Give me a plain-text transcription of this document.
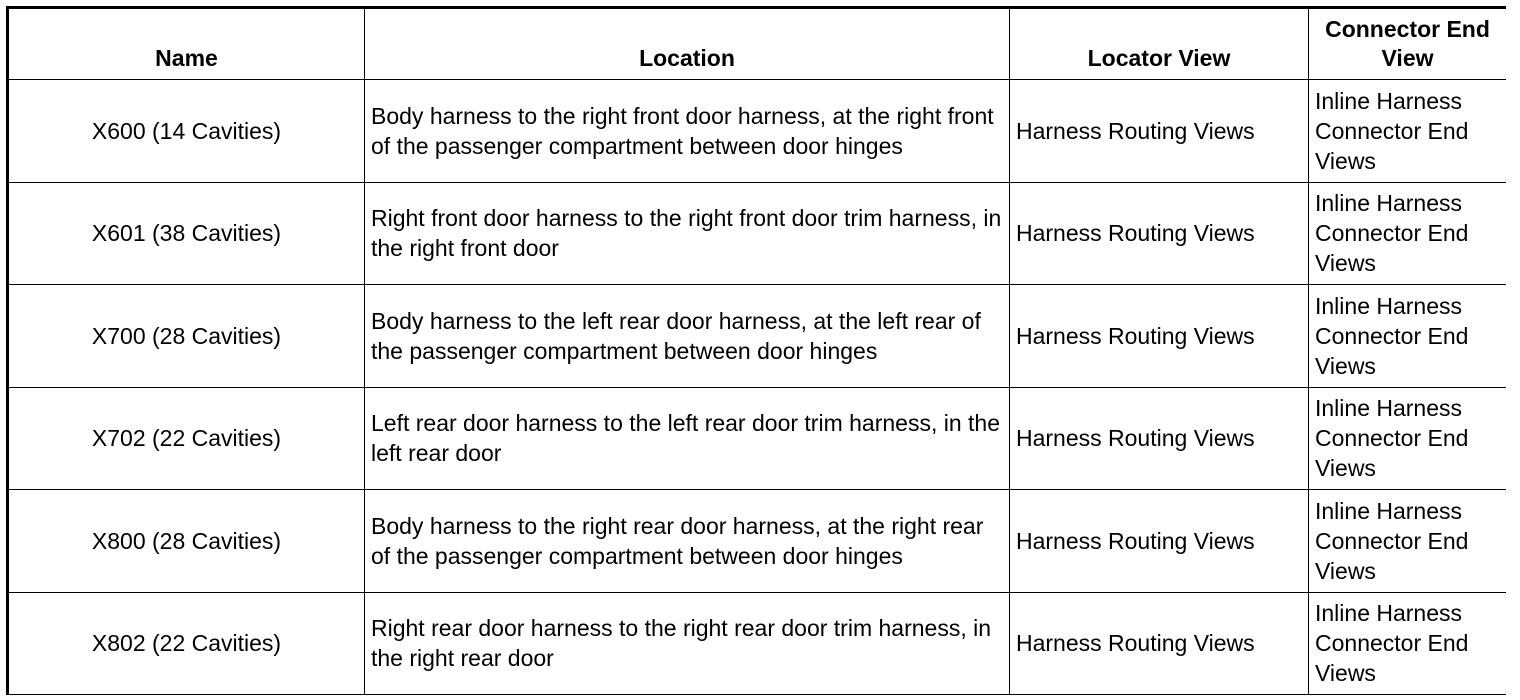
Name	Location	Locator View	Connector End View
X600 (14 Cavities)	Body harness to the right front door harness, at the right front of the passenger compartment between door hinges	Harness Routing Views	Inline Harness Connector End Views
X601 (38 Cavities)	Right front door harness to the right front door trim harness, in the right front door	Harness Routing Views	Inline Harness Connector End Views
X700 (28 Cavities)	Body harness to the left rear door harness, at the left rear of the passenger compartment between door hinges	Harness Routing Views	Inline Harness Connector End Views
X702 (22 Cavities)	Left rear door harness to the left rear door trim harness, in the left rear door	Harness Routing Views	Inline Harness Connector End Views
X800 (28 Cavities)	Body harness to the right rear door harness, at the right rear of the passenger compartment between door hinges	Harness Routing Views	Inline Harness Connector End Views
X802 (22 Cavities)	Right rear door harness to the right rear door trim harness, in the right rear door	Harness Routing Views	Inline Harness Connector End Views
